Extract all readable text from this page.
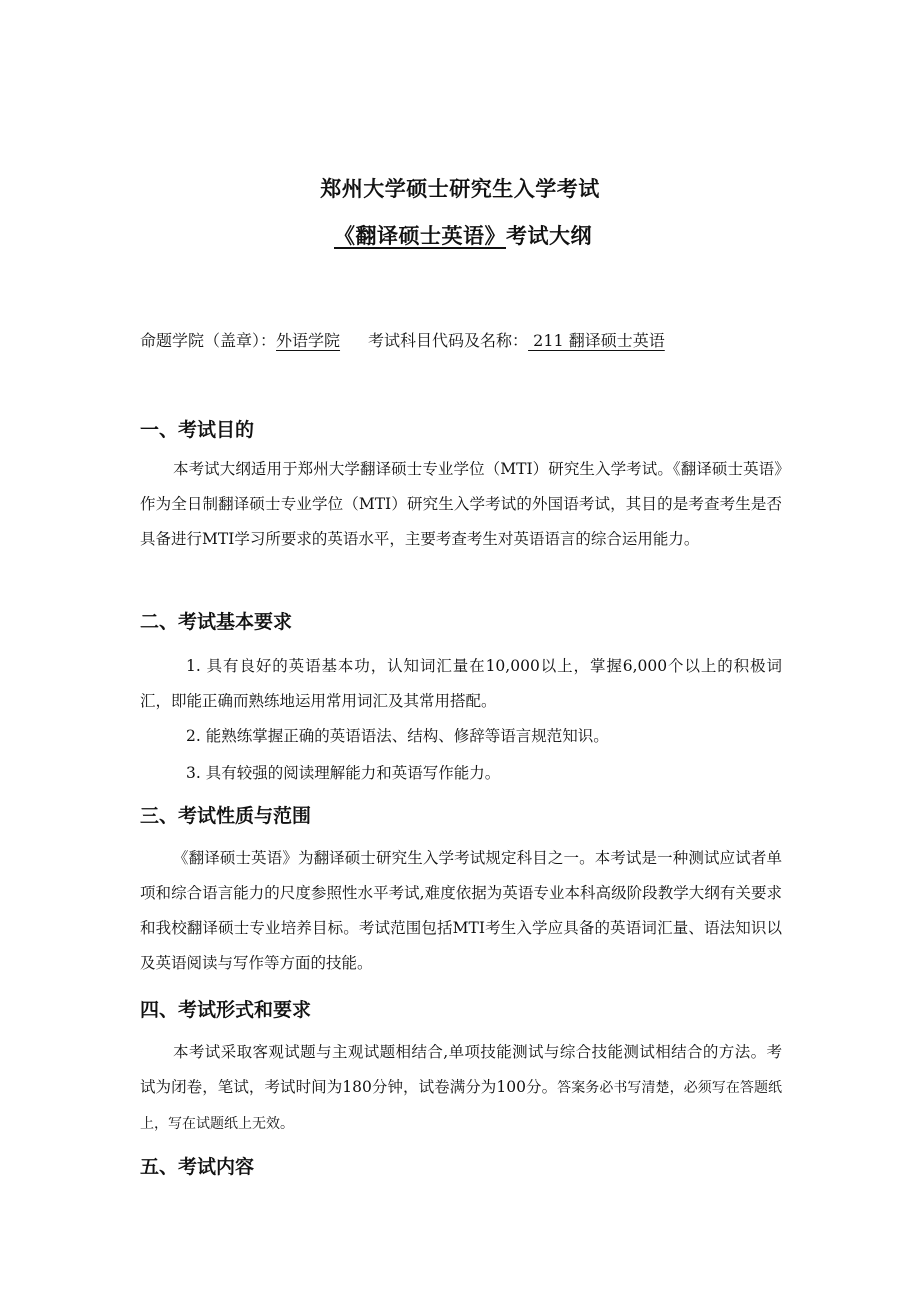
郑州大学硕士研究生入学考试
《翻译硕士英语》考试大纲
命题学院（盖章）：外语学院 考试科目代码及名称： 211 翻译硕士英语
一、考试目的
本考试大纲适用于郑州大学翻译硕士专业学位（MTI）研究生入学考试。《翻译硕士英语》作为全日制翻译硕士专业学位（MTI）研究生入学考试的外国语考试，其目的是考查考生是否具备进行MTI学习所要求的英语水平，主要考查考生对英语语言的综合运用能力。
二、考试基本要求
1. 具有良好的英语基本功，认知词汇量在10,000以上，掌握6,000个以上的积极词汇，即能正确而熟练地运用常用词汇及其常用搭配。
2. 能熟练掌握正确的英语语法、结构、修辞等语言规范知识。
3. 具有较强的阅读理解能力和英语写作能力。
三、考试性质与范围
《翻译硕士英语》为翻译硕士研究生入学考试规定科目之一。本考试是一种测试应试者单项和综合语言能力的尺度参照性水平考试,难度依据为英语专业本科高级阶段教学大纲有关要求和我校翻译硕士专业培养目标。考试范围包括MTI考生入学应具备的英语词汇量、语法知识以及英语阅读与写作等方面的技能。
四、考试形式和要求
本考试采取客观试题与主观试题相结合,单项技能测试与综合技能测试相结合的方法。考试为闭卷，笔试，考试时间为180分钟，试卷满分为100分。答案务必书写清楚，必须写在答题纸上，写在试题纸上无效。
五、考试内容
